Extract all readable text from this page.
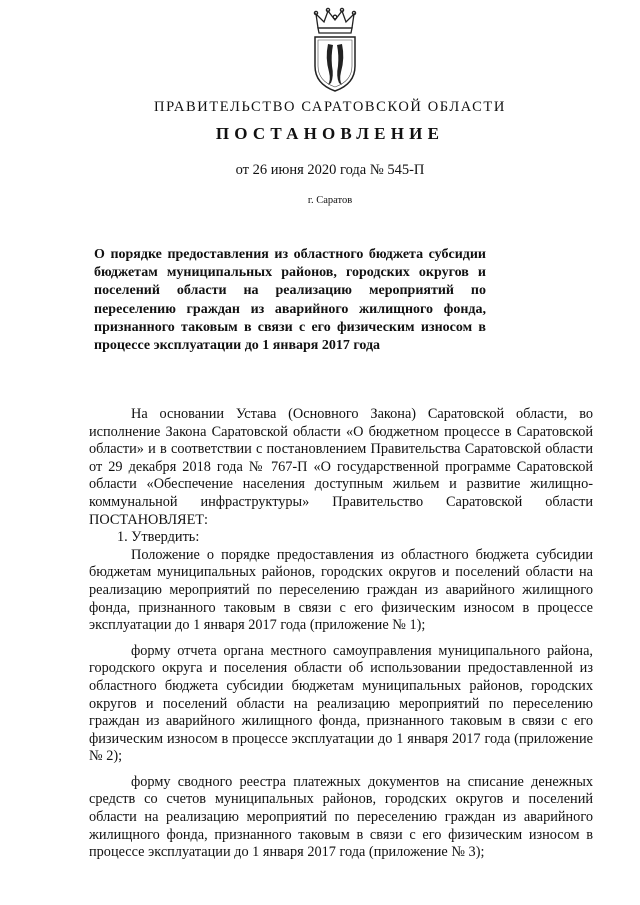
ПРАВИТЕЛЬСТВО САРАТОВСКОЙ ОБЛАСТИ
ПОСТАНОВЛЕНИЕ
от 26 июня 2020 года № 545-П
г. Саратов
О порядке предоставления из областного бюджета субсидии бюджетам муниципальных районов, городских округов и поселений области на реализацию мероприятий по переселению граждан из аварийного жилищного фонда, признанного таковым в связи с его физическим износом в процессе эксплуатации до 1 января 2017 года

На основании Устава (Основного Закона) Саратовской области, во исполнение Закона Саратовской области «О бюджетном процессе в Саратовской области» и в соответствии с постановлением Правительства Саратовской области от 29 декабря 2018 года № 767-П «О государственной программе Саратовской области «Обеспечение населения доступным жильем и развитие жилищно-коммунальной инфраструктуры» Правительство Саратовской области ПОСТАНОВЛЯЕТ:

1. Утвердить:

Положение о порядке предоставления из областного бюджета субсидии бюджетам муниципальных районов, городских округов и поселений области на реализацию мероприятий по переселению граждан из аварийного жилищного фонда, признанного таковым в связи с его физическим износом в процессе эксплуатации до 1 января 2017 года (приложение № 1);

форму отчета органа местного самоуправления муниципального района, городского округа и поселения области об использовании предоставленной из областного бюджета субсидии бюджетам муниципальных районов, городских округов и поселений области на реализацию мероприятий по переселению граждан из аварийного жилищного фонда, признанного таковым в связи с его физическим износом в процессе эксплуатации до 1 января 2017 года (приложение № 2);

форму сводного реестра платежных документов на списание денежных средств со счетов муниципальных районов, городских округов и поселений области на реализацию мероприятий по переселению граждан из аварийного жилищного фонда, признанного таковым в связи с его физическим износом в процессе эксплуатации до 1 января 2017 года (приложение № 3);
